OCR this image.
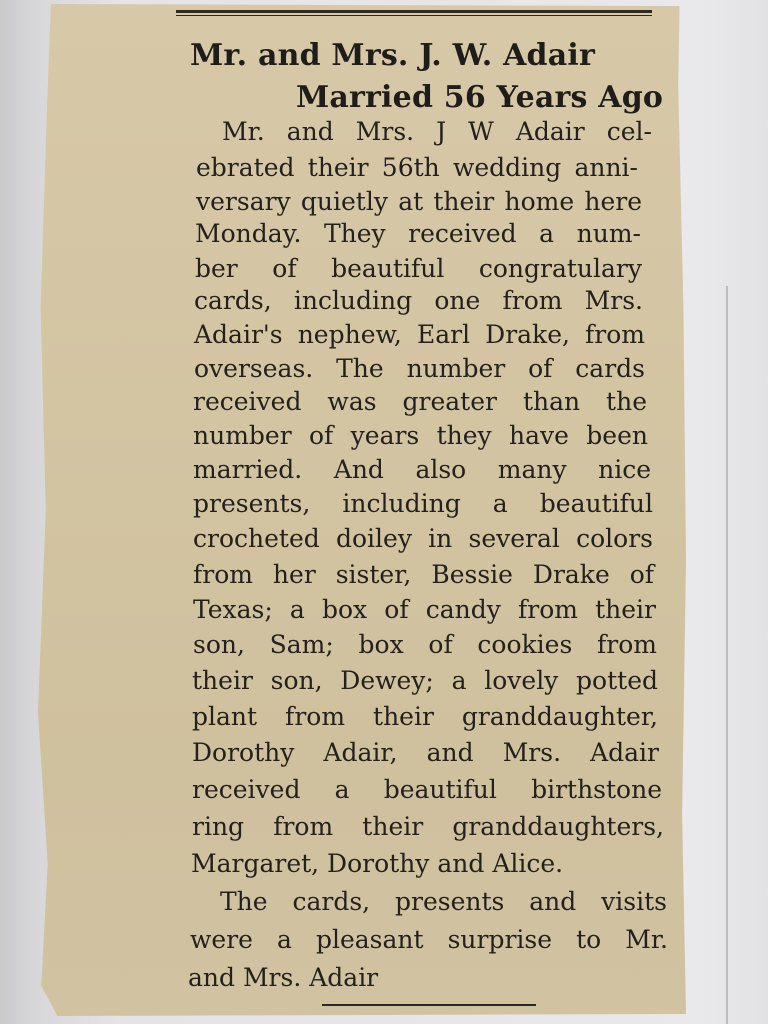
Mr. and Mrs. J. W. Adair
Married 56 Years Ago
Mr. and Mrs. J W Adair cel-
ebrated their 56th wedding anni-
versary quietly at their home here
Monday. They received a num-
ber of beautiful congratulary
cards, including one from Mrs.
Adair's nephew, Earl Drake, from
overseas. The number of cards
received was greater than the
number of years they have been
married. And also many nice
presents, including a beautiful
crocheted doiley in several colors
from her sister, Bessie Drake of
Texas; a box of candy from their
son, Sam; box of cookies from
their son, Dewey; a lovely potted
plant from their granddaughter,
Dorothy Adair, and Mrs. Adair
received a beautiful birthstone
ring from their granddaughters,
Margaret, Dorothy and Alice.
The cards, presents and visits
were a pleasant surprise to Mr.
and Mrs. Adair
